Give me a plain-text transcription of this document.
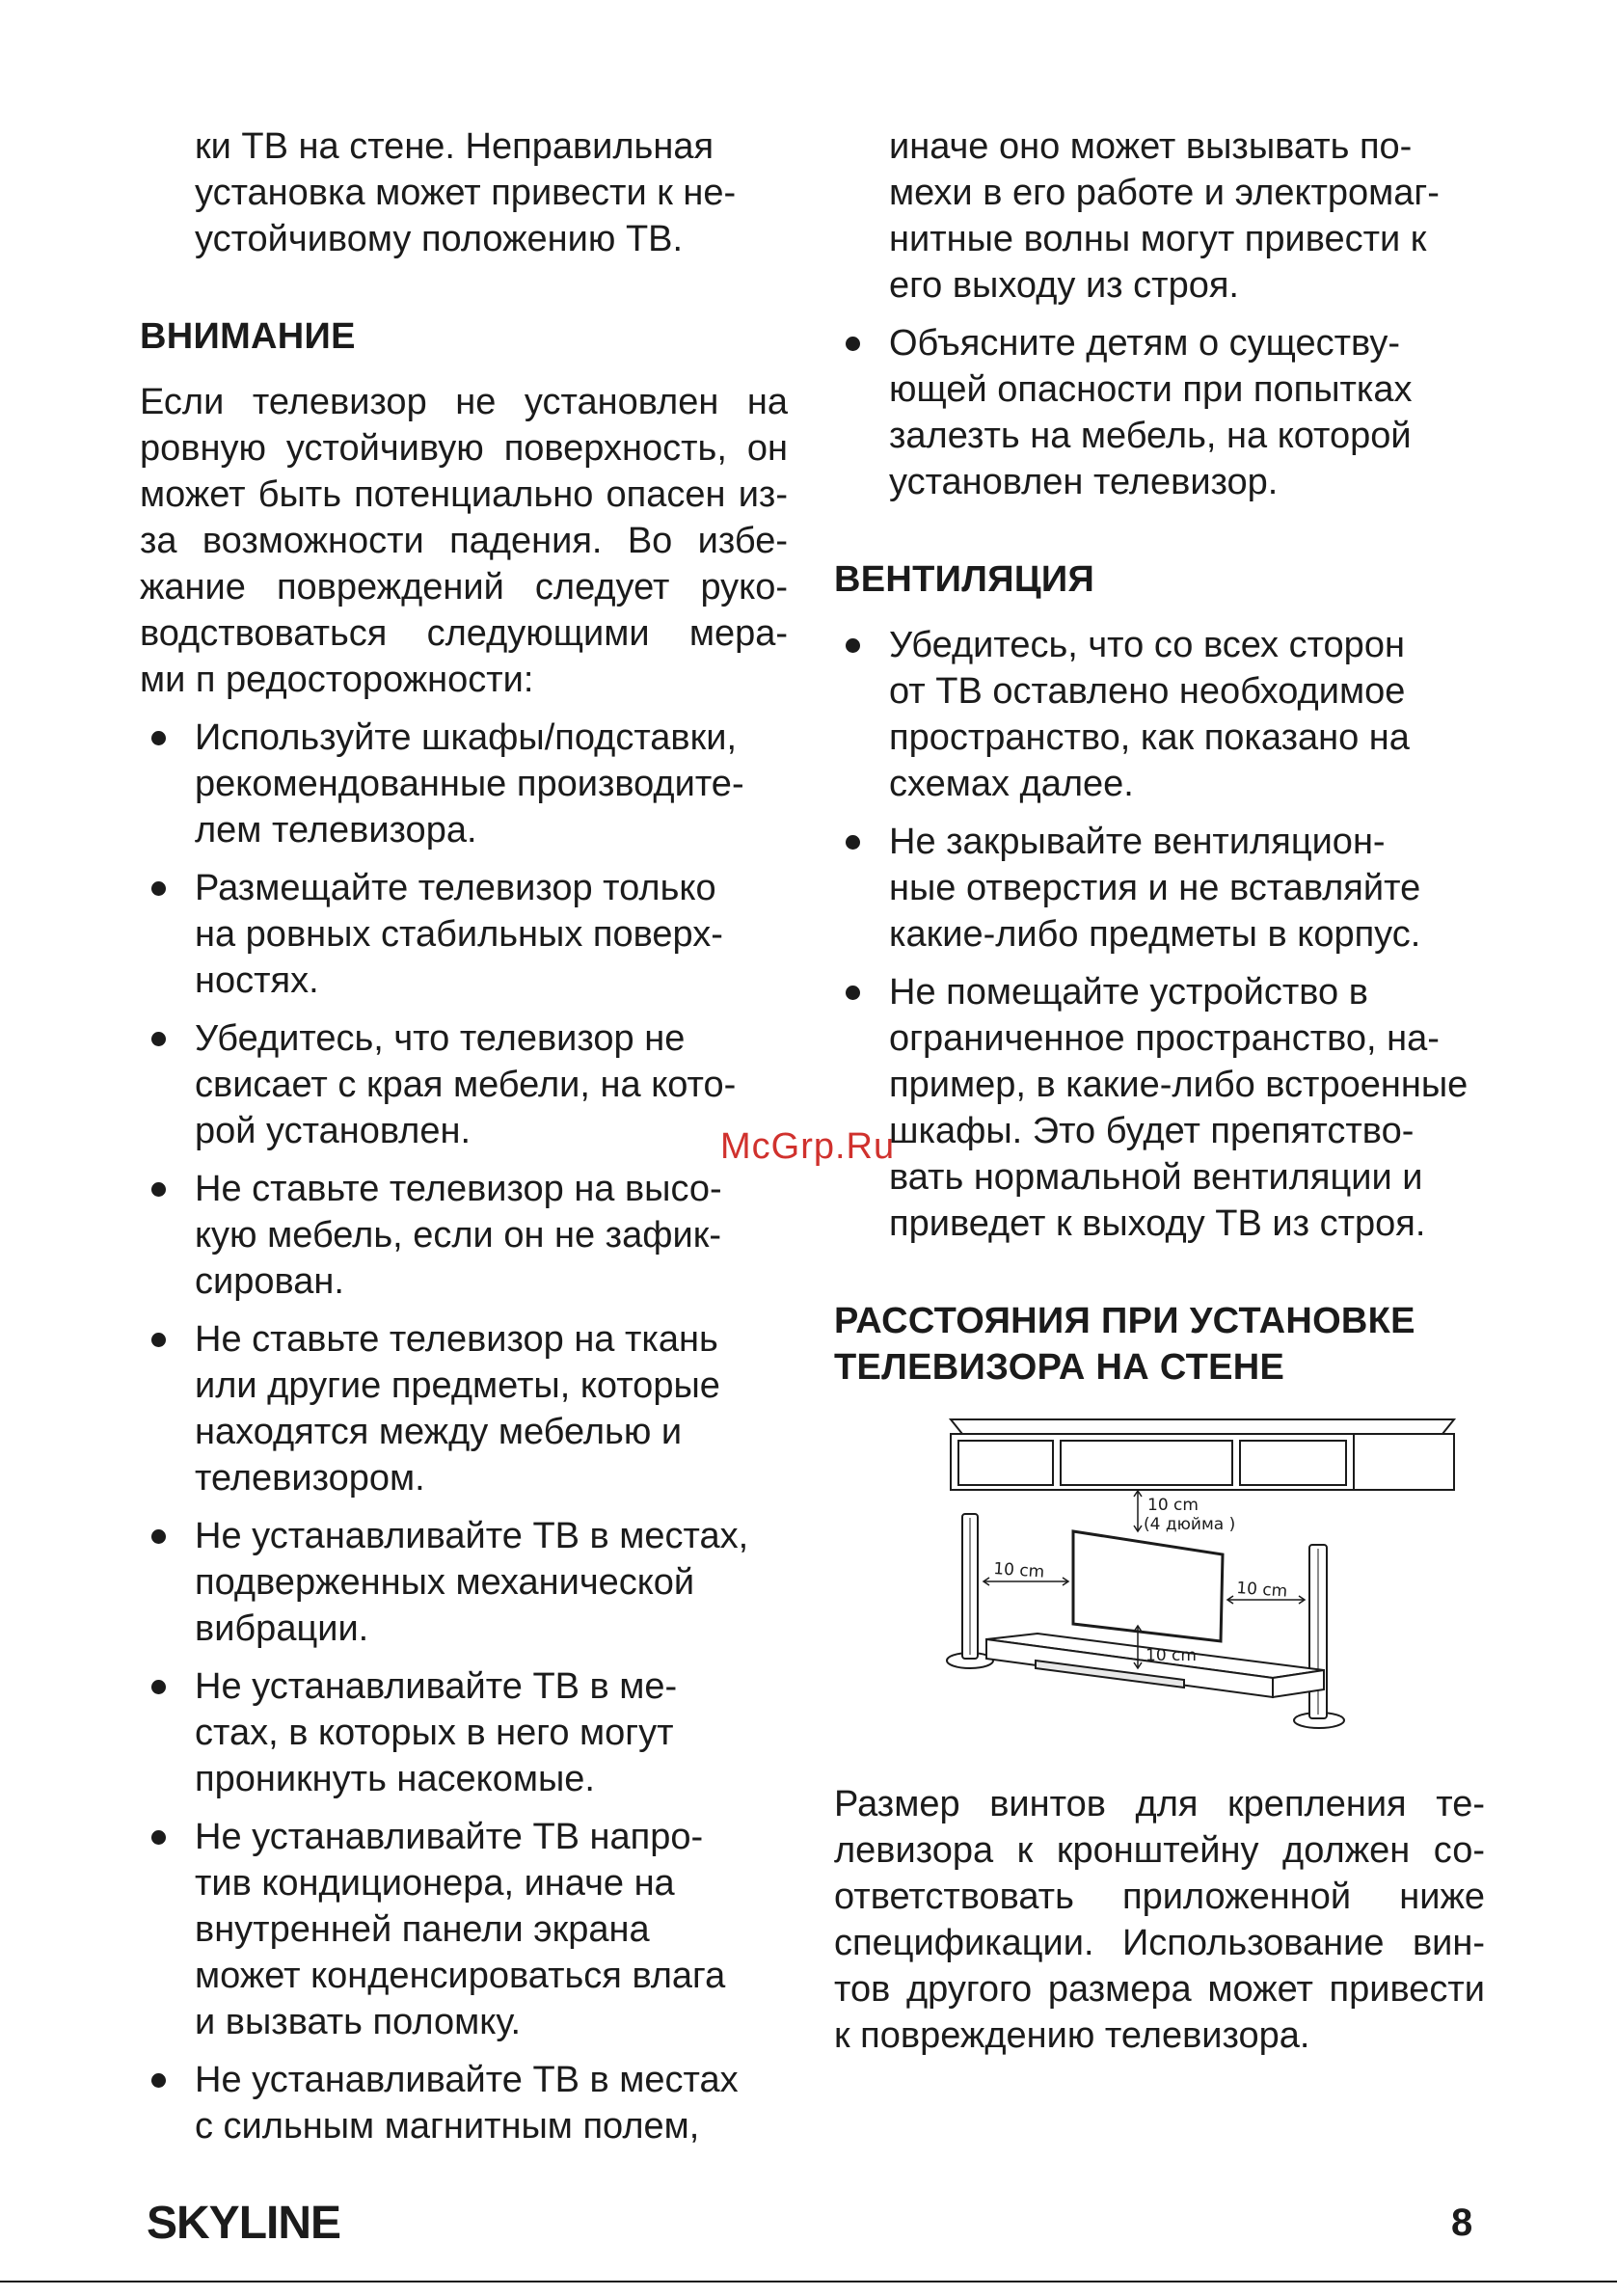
ки ТВ на стене. Неправильная

установка может привести к не-

устойчивому положению ТВ.

ВНИМАНИЕ

Если телевизор не установлен на

ровную устойчивую поверхность, он

может быть потенциально опасен из-

за возможности падения. Во избе-

жание повреждений следует руко-

водствоваться следующими мера-

ми п редосторожности:

Используйте шкафы/подставки,

рекомендованные производите-

лем телевизора.

Размещайте телевизор только

на ровных стабильных поверх-

ностях.

Убедитесь, что телевизор не

свисает с края мебели, на кото-

рой установлен.

Не ставьте телевизор на высо-

кую мебель, если он не зафик-

сирован.

Не ставьте телевизор на ткань

или другие предметы, которые

находятся между мебелью и

телевизором.

Не устанавливайте ТВ в местах,

подверженных механической

вибрации.

Не устанавливайте ТВ в ме-

стах, в которых в него могут

проникнуть насекомые.

Не устанавливайте ТВ напро-

тив кондиционера, иначе на

внутренней панели экрана

может конденсироваться влага

и вызвать поломку.

Не устанавливайте ТВ в местах

с сильным магнитным полем,

иначе оно может вызывать по-

мехи в его работе и электромаг-

нитные волны могут привести к

его выходу из строя.

Объясните детям о существу-

ющей опасности при попытках

залезть на мебель, на которой

установлен телевизор.

ВЕНТИЛЯЦИЯ

Убедитесь, что со всех сторон

от ТВ оставлено необходимое

пространство, как показано на

схемах далее.

Не закрывайте вентиляцион-

ные отверстия и не вставляйте

какие-либо предметы в корпус.

Не помещайте устройство в

ограниченное пространство, на-

пример, в какие-либо встроенные

шкафы. Это будет препятство-

вать нормальной вентиляции и

приведет к выходу ТВ из строя.

РАССТОЯНИЯ ПРИ УСТАНОВКЕ
ТЕЛЕВИЗОРА НА СТЕНЕ
10 cm
(4 дюйма )
10 cm
10 cm
10 cm

Размер винтов для крепления те-

левизора к кронштейну должен со-

ответствовать приложенной ниже

спецификации. Использование вин-

тов другого размера может привести

к повреждению телевизора.

McGrp.Ru
SKYLINE	8
